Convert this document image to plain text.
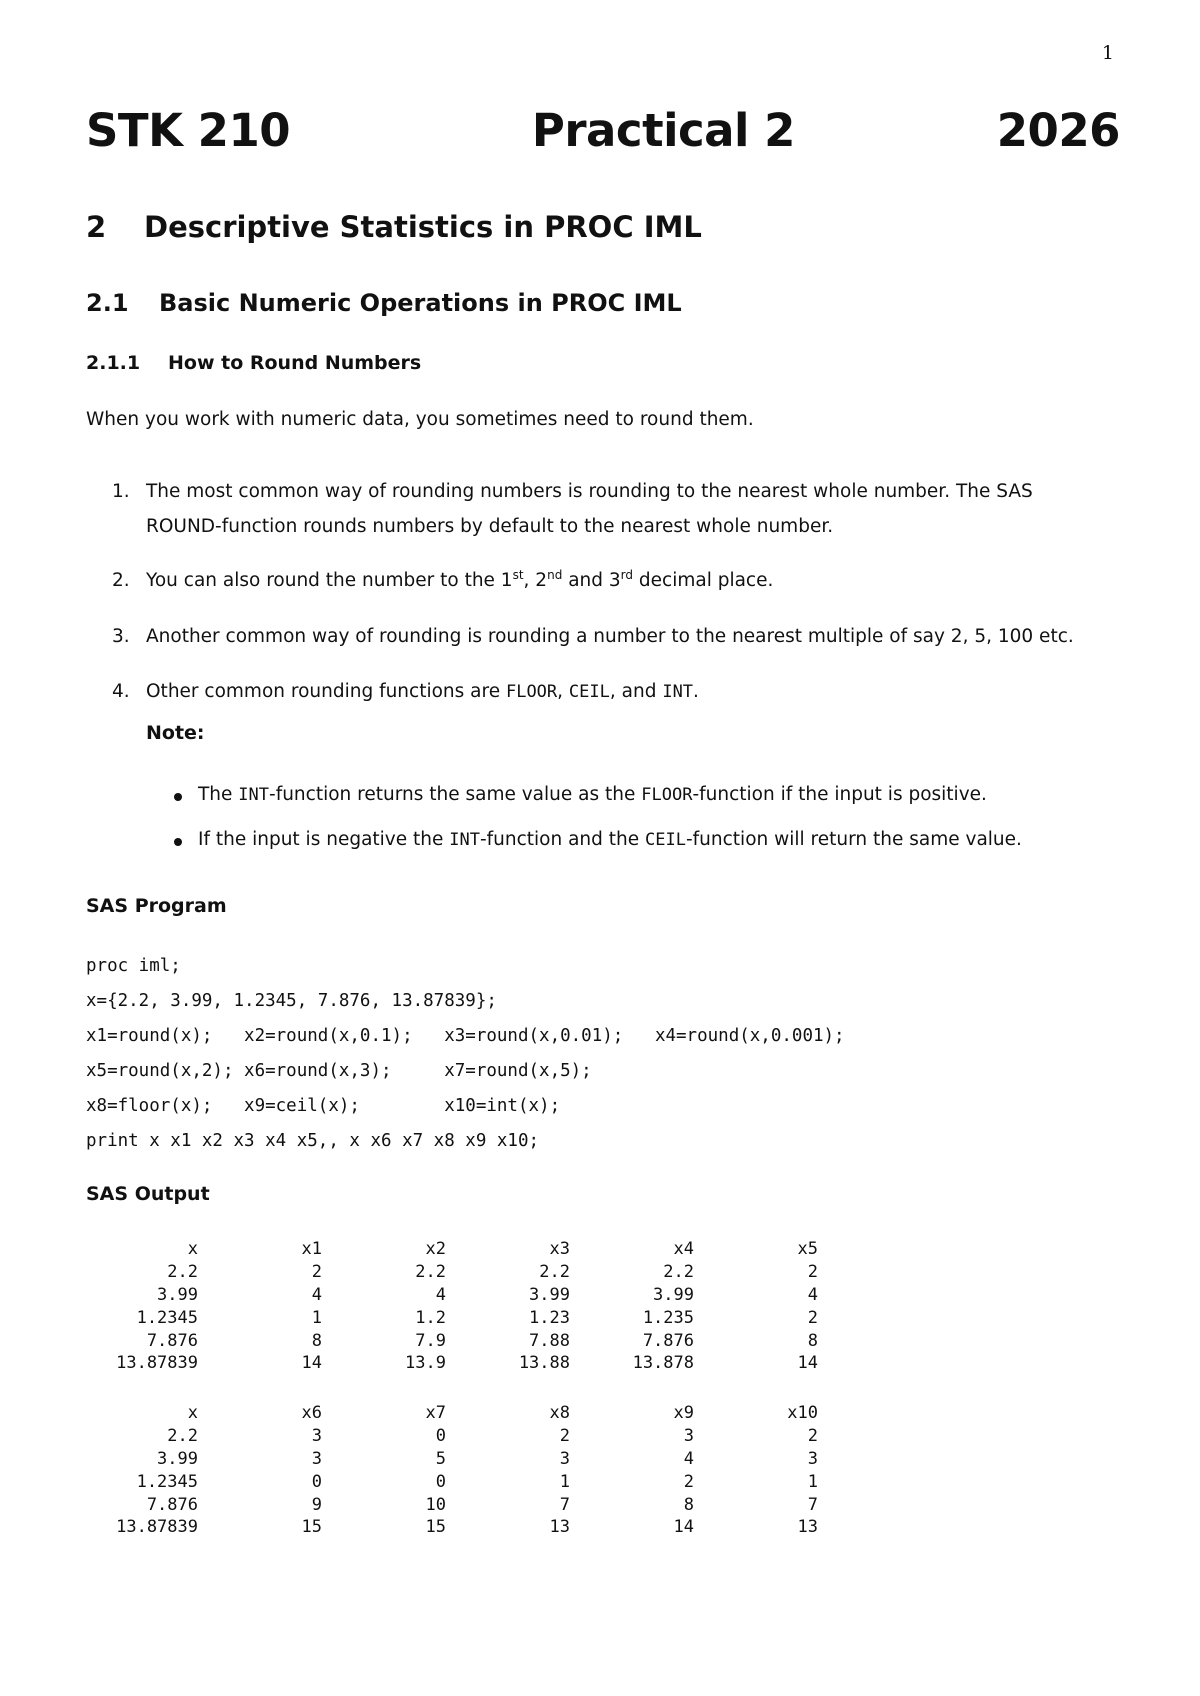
1
STK 210	Practical 2	2026
2 Descriptive Statistics in PROC IML
2.1 Basic Numeric Operations in PROC IML
2.1.1 How to Round Numbers
When you work with numeric data, you sometimes need to round them.
1. The most common way of rounding numbers is rounding to the nearest whole number. The SAS
ROUND-function rounds numbers by default to the nearest whole number.
2. You can also round the number to the 1st, 2nd and 3rd decimal place.
3. Another common way of rounding is rounding a number to the nearest multiple of say 2, 5, 100 etc.
4. Other common rounding functions are FLOOR, CEIL, and INT.
Note:
The INT-function returns the same value as the FLOOR-function if the input is positive.
If the input is negative the INT-function and the CEIL-function will return the same value.
SAS Program

proc iml;

x={2.2, 3.99, 1.2345, 7.876, 13.87839};

x1=round(x);   x2=round(x,0.1);   x3=round(x,0.01);   x4=round(x,0.001);

x5=round(x,2); x6=round(x,3);     x7=round(x,5);

x8=floor(x);   x9=ceil(x);        x10=int(x);

print x x1 x2 x3 x4 x5,, x x6 x7 x8 x9 x10;

SAS Output
x	x1	x2	x3	x4	x5
2.2	2	2.2	2.2	2.2	2
3.99	4	4	3.99	3.99	4
1.2345	1	1.2	1.23	1.235	2
7.876	8	7.9	7.88	7.876	8
13.87839	14	13.9	13.88	13.878	14
x	x6	x7	x8	x9	x10
2.2	3	0	2	3	2
3.99	3	5	3	4	3
1.2345	0	0	1	2	1
7.876	9	10	7	8	7
13.87839	15	15	13	14	13
